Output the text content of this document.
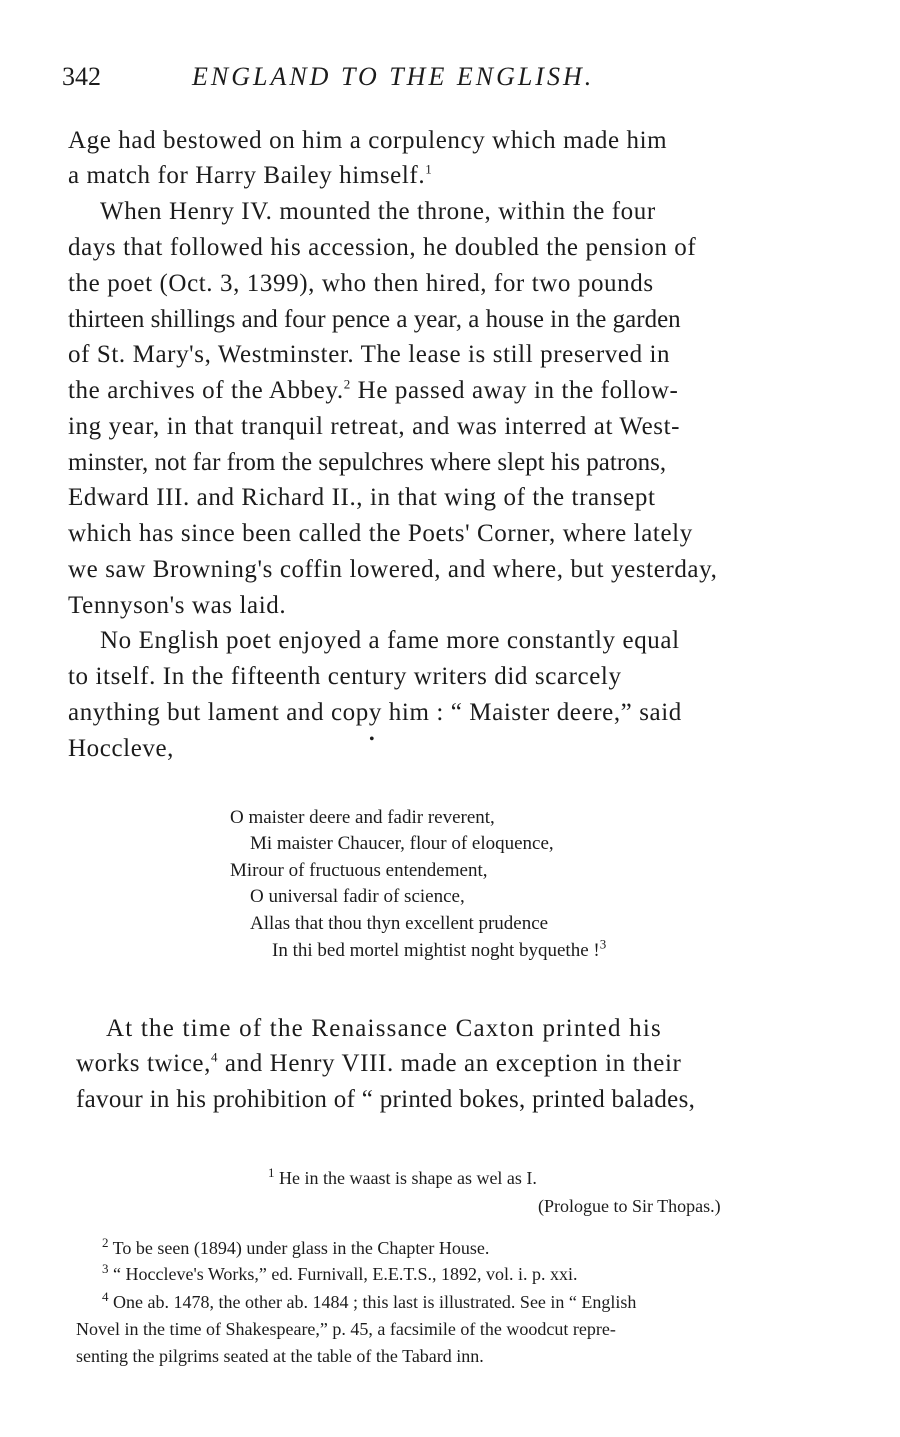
342	ENGLAND TO THE ENGLISH.
Age had bestowed on him a corpulency which made him
a match for Harry Bailey himself.$^1$
When Henry IV. mounted the throne, within the four
days that followed his accession, he doubled the pension of
the poet (Oct. 3, 1399), who then hired, for two pounds
thirteen shillings and four pence a year, a house in the garden
of St. Mary's, Westminster. The lease is still preserved in
the archives of the Abbey.$^2$ He passed away in the follow-
ing year, in that tranquil retreat, and was interred at West-
minster, not far from the sepulchres where slept his patrons,
Edward III. and Richard II., in that wing of the transept
which has since been called the Poets' Corner, where lately
we saw Browning's coffin lowered, and where, but yesterday,
Tennyson's was laid.
No English poet enjoyed a fame more constantly equal
to itself. In the fifteenth century writers did scarcely
anything but lament and copy him : “ Maister deere,” said
Hoccleve,	•
O maister deere and fadir reverent,
Mi maister Chaucer, flour of eloquence,
Mirour of fructuous entendement,
O universal fadir of science,
Allas that thou thyn excellent prudence
In thi bed mortel mightist noght byquethe !$^3$
At the time of the Renaissance Caxton printed his
works twice,$^4$ and Henry VIII. made an exception in their
favour in his prohibition of “ printed bokes, printed balades,
$^1$ He in the waast is shape as wel as I.
(Prologue to Sir Thopas.)
$^2$ To be seen (1894) under glass in the Chapter House.
$^3$ “ Hoccleve's Works,” ed. Furnivall, E.E.T.S., 1892, vol. i. p. xxi.
$^4$ One ab. 1478, the other ab. 1484 ; this last is illustrated. See in “ English
Novel in the time of Shakespeare,” p. 45, a facsimile of the woodcut repre-
senting the pilgrims seated at the table of the Tabard inn.
